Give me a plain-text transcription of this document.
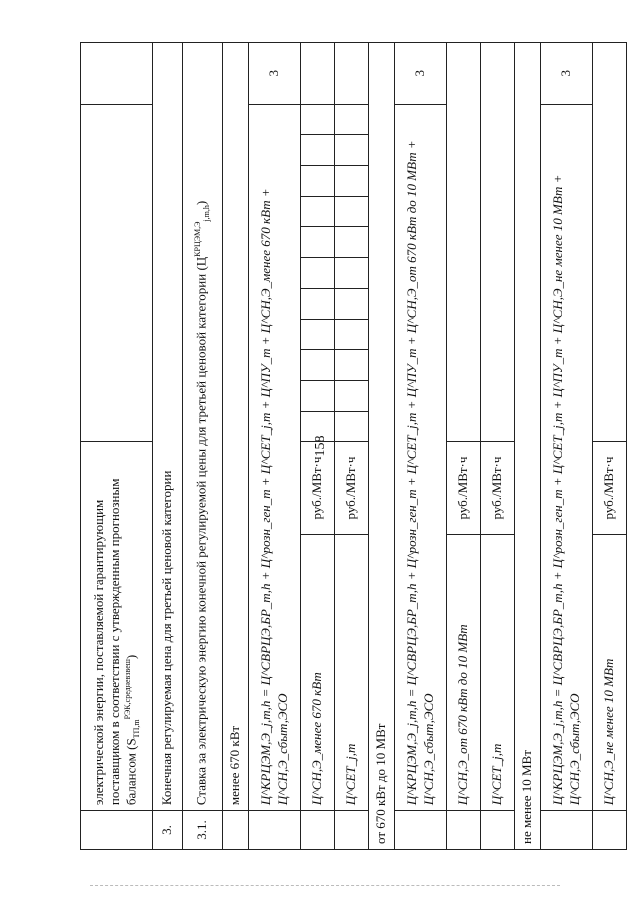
158
	электрической энергии, поставляемой гарантирующим поставщиком в соответствии с утвержденным прогнозным балансом $(S_{ТП,m}^{РЭК,средневзвеш})$													
3.	Конечная регулируемая цена для третьей ценовой категории													
3.1.	Ставка за электрическую энергию конечной регулируемой цены для третьей ценовой категории $(Ц^{КРЦЭМ,Э}_{j,m,h})$													
	менее 670 кВт													
	Ц^КРЦЭМ,Э_j,m,h = Ц^СВРЦЭ,БР_m,h + Ц^розн_ген_m + Ц^СЕТ_j,m + Ц^ПУ_m + Ц^СН,Э_менее 670 кВт + Ц^СН,Э_сбыт,ЭСО													3
	Ц^СН,Э_менее 670 кВт	руб./МВт·ч												
	Ц^СЕТ_j,m	руб./МВт·ч												
от 670 кВт до 10 МВт														
	Ц^КРЦЭМ,Э_j,m,h = Ц^СВРЦЭ,БР_m,h + Ц^розн_ген_m + Ц^СЕТ_j,m + Ц^ПУ_m + Ц^СН,Э_от 670 кВт до 10 МВт + Ц^СН,Э_сбыт,ЭСО													3
	Ц^СН,Э_от 670 кВт до 10 МВт	руб./МВт·ч												
	Ц^СЕТ_j,m	руб./МВт·ч												
не менее 10 МВт														
	Ц^КРЦЭМ,Э_j,m,h = Ц^СВРЦЭ,БР_m,h + Ц^розн_ген_m + Ц^СЕТ_j,m + Ц^ПУ_m + Ц^СН,Э_не менее 10 МВт + Ц^СН,Э_сбыт,ЭСО													3
	Ц^СН,Э_не менее 10 МВт	руб./МВт·ч												
